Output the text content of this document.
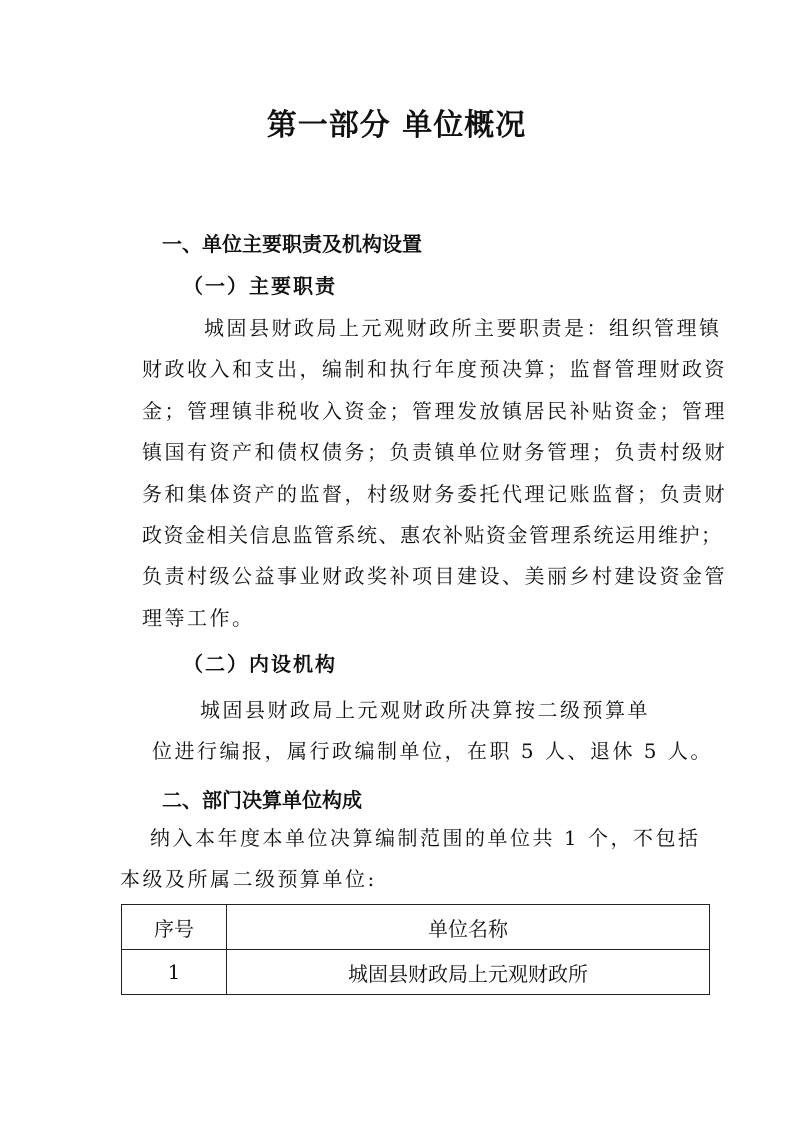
第一部分 单位概况
一、单位主要职责及机构设置
（一）主要职责
城固县财政局上元观财政所主要职责是：组织管理镇
财政收入和支出，编制和执行年度预决算；监督管理财政资
金；管理镇非税收入资金；管理发放镇居民补贴资金；管理
镇国有资产和债权债务；负责镇单位财务管理；负责村级财
务和集体资产的监督，村级财务委托代理记账监督；负责财
政资金相关信息监管系统、惠农补贴资金管理系统运用维护；
负责村级公益事业财政奖补项目建设、美丽乡村建设资金管
理等工作。
（二）内设机构
城固县财政局上元观财政所决算按二级预算单
位进行编报，属行政编制单位，在职 5 人、退休 5 人。
二、部门决算单位构成
纳入本年度本单位决算编制范围的单位共 1 个，不包括
本级及所属二级预算单位:
序号	单位名称
1	城固县财政局上元观财政所
